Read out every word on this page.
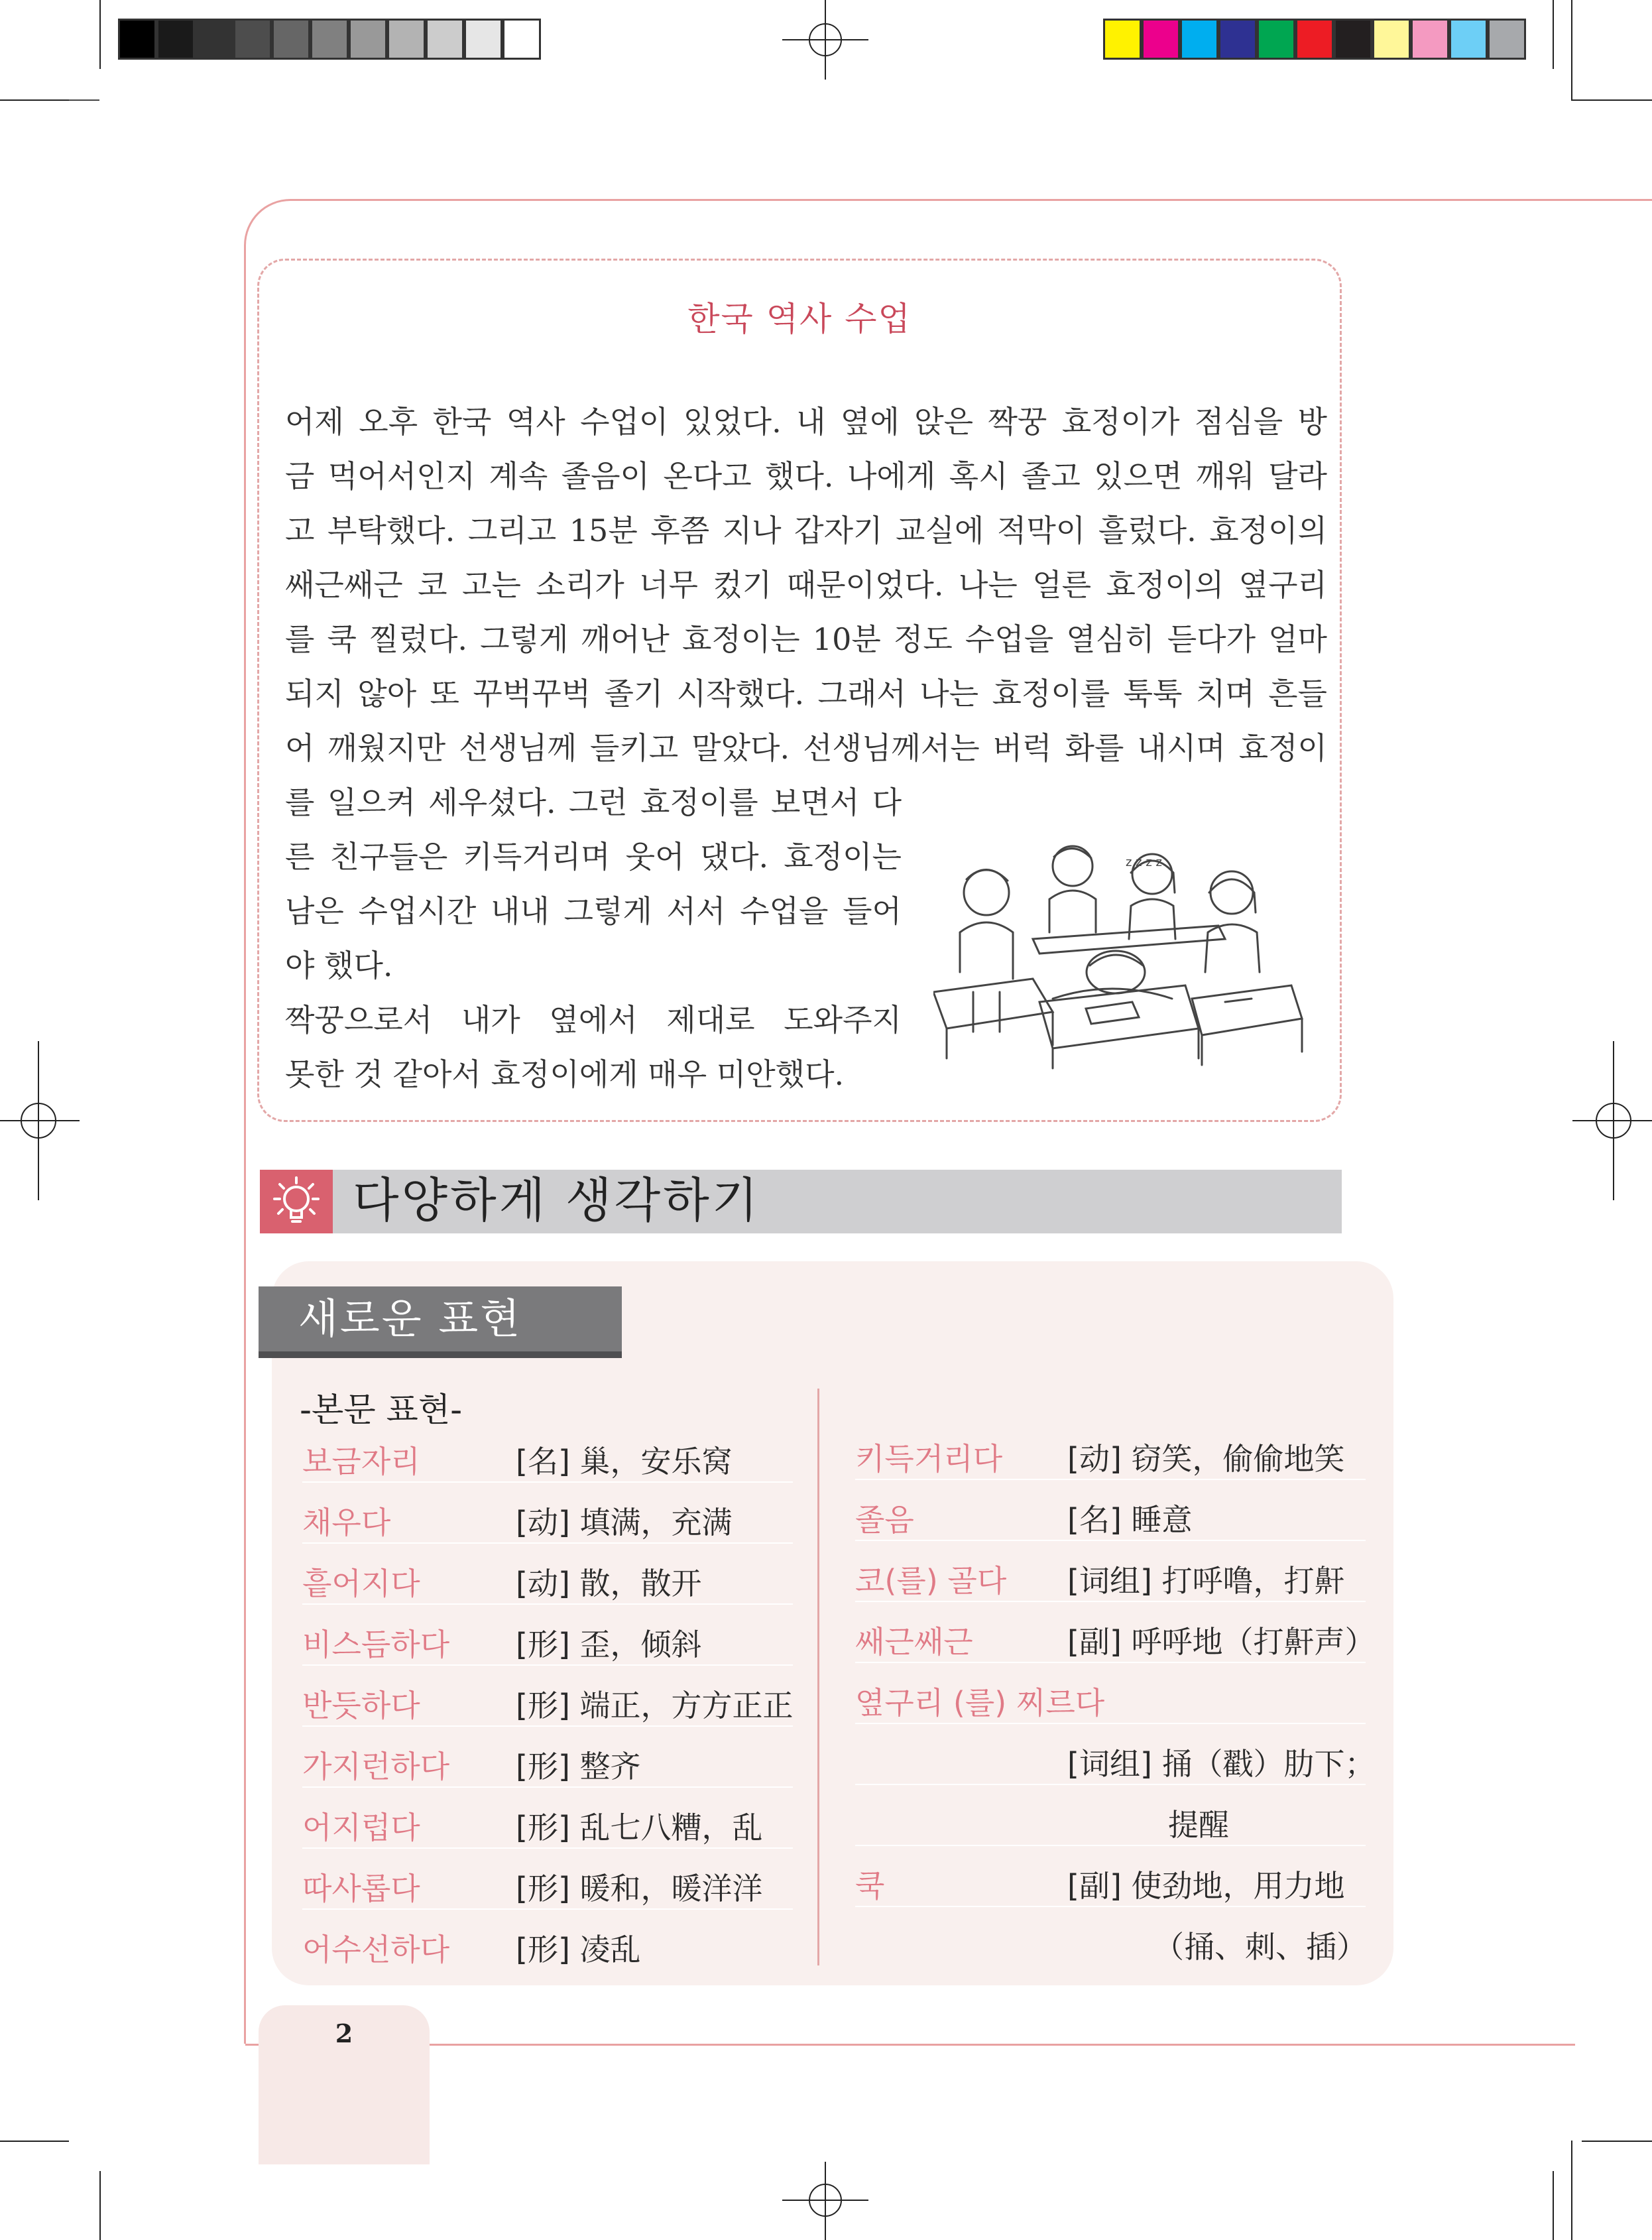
한국 역사 수업
어제 오후 한국 역사 수업이 있었다. 내 옆에 앉은 짝꿍 효정이가 점심을 방
금 먹어서인지 계속 졸음이 온다고 했다. 나에게 혹시 졸고 있으면 깨워 달라
고 부탁했다. 그리고 15분 후쯤 지나 갑자기 교실에 적막이 흘렀다. 효정이의
쌔근쌔근 코 고는 소리가 너무 컸기 때문이었다. 나는 얼른 효정이의 옆구리
를 쿡 찔렀다. 그렇게 깨어난 효정이는 10분 정도 수업을 열심히 듣다가 얼마
되지 않아 또 꾸벅꾸벅 졸기 시작했다. 그래서 나는 효정이를 툭툭 치며 흔들
어 깨웠지만 선생님께 들키고 말았다. 선생님께서는 버럭 화를 내시며 효정이
를 일으켜 세우셨다. 그런 효정이를 보면서 다
른 친구들은 키득거리며 웃어 댔다. 효정이는
남은 수업시간 내내 그렇게 서서 수업을 들어
야 했다.
짝꿍으로서 내가 옆에서 제대로 도와주지
못한 것 같아서 효정이에게 매우 미안했다.
z z z z
다양하게 생각하기
새로운 표현
-본문 표현-
보금자리	[名] 巢，安乐窝
채우다	[动] 填满，充满
흩어지다	[动] 散，散开
비스듬하다 [形] 歪，倾斜
반듯하다	[形] 端正，方方正正
가지런하다 [形] 整齐
어지럽다	[形] 乱七八糟，乱
따사롭다	[形] 暖和，暖洋洋
어수선하다 [形] 凌乱
키득거리다 [动] 窃笑，偷偷地笑
졸음	[名] 睡意
코(를) 골다 [词组] 打呼噜，打鼾
쌔근쌔근	[副] 呼呼地（打鼾声）
옆구리 (를) 찌르다
[词组] 捅（戳）肋下；
提醒
쿡	[副] 使劲地，用力地
（捅、刺、插）
2
